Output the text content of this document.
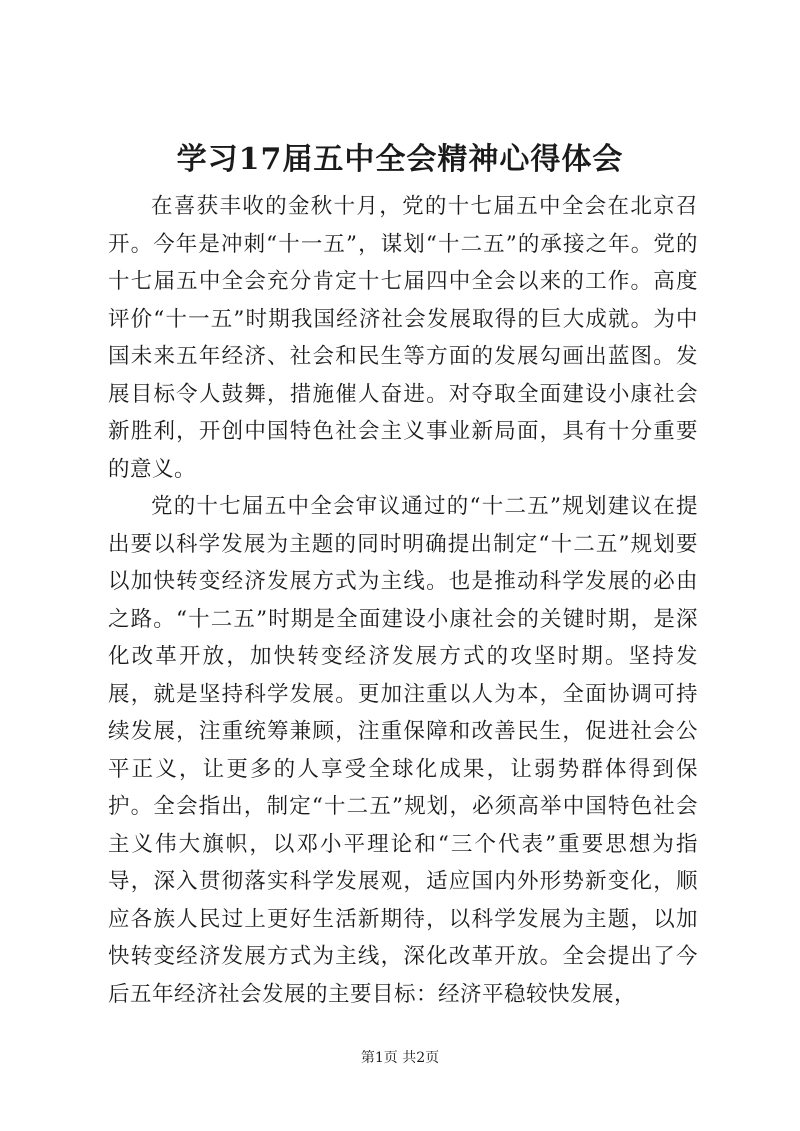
学习17届五中全会精神心得体会

在喜获丰收的金秋十月，党的十七届五中全会在北京召开。今年是冲刺“十一五”，谋划“十二五”的承接之年。党的十七届五中全会充分肯定十七届四中全会以来的工作。高度评价“十一五”时期我国经济社会发展取得的巨大成就。为中国未来五年经济、社会和民生等方面的发展勾画出蓝图。发展目标令人鼓舞，措施催人奋进。对夺取全面建设小康社会新胜利，开创中国特色社会主义事业新局面，具有十分重要的意义。

党的十七届五中全会审议通过的“十二五”规划建议在提出要以科学发展为主题的同时明确提出制定“十二五”规划要以加快转变经济发展方式为主线。也是推动科学发展的必由之路。“十二五”时期是全面建设小康社会的关键时期，是深化改革开放，加快转变经济发展方式的攻坚时期。坚持发展，就是坚持科学发展。更加注重以人为本，全面协调可持续发展，注重统筹兼顾，注重保障和改善民生，促进社会公平正义，让更多的人享受全球化成果，让弱势群体得到保护。全会指出，制定“十二五”规划，必须高举中国特色社会主义伟大旗帜，以邓小平理论和“三个代表”重要思想为指导，深入贯彻落实科学发展观，适应国内外形势新变化，顺应各族人民过上更好生活新期待，以科学发展为主题，以加快转变经济发展方式为主线，深化改革开放。全会提出了今后五年经济社会发展的主要目标：经济平稳较快发展，

第1页 共2页
